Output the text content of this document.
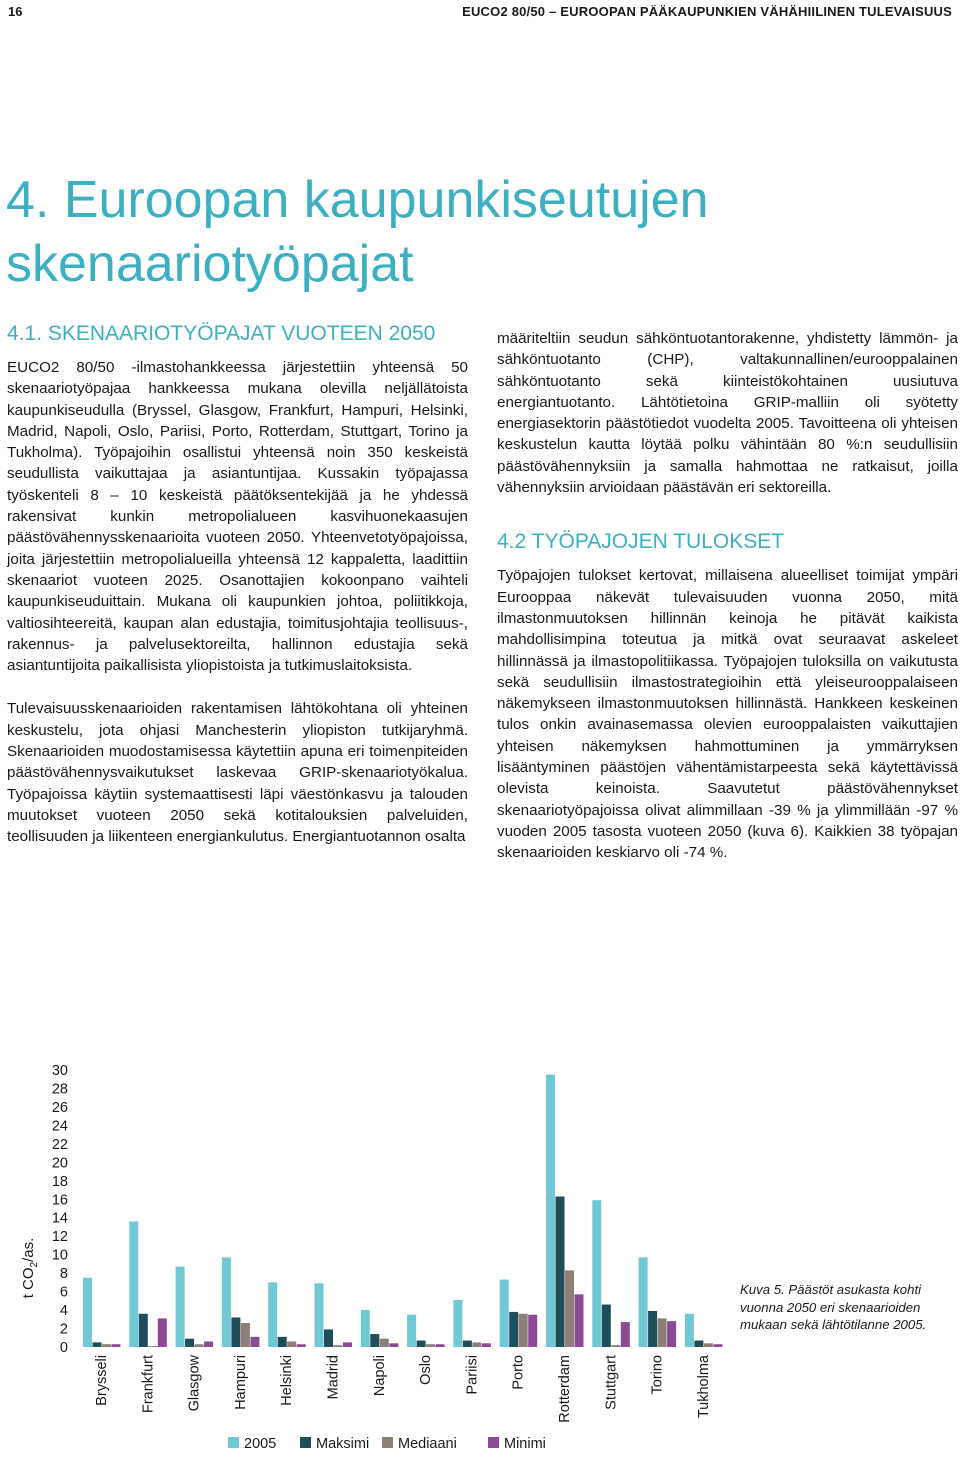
16	EUCO2 80/50 – EUROOPAN PÄÄKAUPUNKIEN VÄHÄHIILINEN TULEVAISUUS
4. Euroopan kaupunkiseutujen
skenaariotyöpajat
4.1. SKENAARIOTYÖPAJAT VUOTEEN 2050

EUCO2 80/50 -ilmastohankkeessa järjestettiin yhteensä 50 skenaariotyöpajaa hankkeessa mukana olevilla neljällätoista kaupunkiseudulla (Bryssel, Glasgow, Frankfurt, Hampuri, Helsinki, Madrid, Napoli, Oslo, Pariisi, Porto, Rotterdam, Stuttgart, Torino ja Tukholma). Työpajoihin osallistui yhteensä noin 350 keskeistä seudullista vaikuttajaa ja asiantuntijaa. Kussakin työpajassa työskenteli 8 – 10 keskeistä päätöksentekijää ja he yhdessä rakensivat kunkin metropolialueen kasvihuonekaasujen päästövähennysskenaarioita vuoteen 2050. Yhteenvetotyöpajoissa, joita järjestettiin metropolialueilla yhteensä 12 kappaletta, laadittiin skenaariot vuoteen 2025. Osanottajien kokoonpano vaihteli kaupunkiseuduittain. Mukana oli kaupunkien johtoa, poliitikkoja, valtiosihteereitä, kaupan alan edustajia, toimitusjohtajia teollisuus-, rakennus- ja palvelusektoreilta, hallinnon edustajia sekä asiantuntijoita paikallisista yliopistoista ja tutkimuslaitoksista.

Tulevaisuusskenaarioiden rakentamisen lähtökohtana oli yhteinen keskustelu, jota ohjasi Manchesterin yliopiston tutkijaryhmä. Skenaarioiden muodostamisessa käytettiin apuna eri toimenpiteiden päästövähennysvaikutukset laskevaa GRIP-skenaariotyökalua. Työpajoissa käytiin systemaattisesti läpi väestönkasvu ja talouden muutokset vuoteen 2050 sekä kotitalouksien palveluiden, teollisuuden ja liikenteen energiankulutus. Energiantuotannon osalta

määriteltiin seudun sähköntuotantorakenne, yhdistetty lämmön- ja sähköntuotanto (CHP), valtakunnallinen/eurooppalainen sähköntuotanto sekä kiinteistökohtainen uusiutuva energiantuotanto. Lähtötietoina GRIP-malliin oli syötetty energiasektorin päästötiedot vuodelta 2005. Tavoitteena oli yhteisen keskustelun kautta löytää polku vähintään 80 %:n seudullisiin päästövähennyksiin ja samalla hahmottaa ne ratkaisut, joilla vähennyksiin arvioidaan päästävän eri sektoreilla.

4.2 TYÖPAJOJEN TULOKSET

Työpajojen tulokset kertovat, millaisena alueelliset toimijat ympäri Eurooppaa näkevät tulevaisuuden vuonna 2050, mitä ilmastonmuutoksen hillinnän keinoja he pitävät kaikista mahdollisimpina toteutua ja mitkä ovat seuraavat askeleet hillinnässä ja ilmastopolitiikassa. Työpajojen tuloksilla on vaikutusta sekä seudullisiin ilmastostrategioihin että yleiseurooppalaiseen näkemykseen ilmastonmuutoksen hillinnästä. Hankkeen keskeinen tulos onkin avainasemassa olevien eurooppalaisten vaikuttajien yhteisen näkemyksen hahmottuminen ja ymmärryksen lisääntyminen päästöjen vähentämistarpeesta sekä käytettävissä olevista keinoista. Saavutetut päästövähennykset skenaariotyöpajoissa olivat alimmillaan -39 % ja ylimmillään -97 % vuoden 2005 tasosta vuoteen 2050 (kuva 6). Kaikkien 38 työpajan skenaarioiden keskiarvo oli -74 %.

0
2
4
6
8
10
12
14
16
18
20
22
24
26
28
30
Brysseli Frankfurt Glasgow Hampuri Helsinki Madrid Napoli Oslo Pariisi Porto Rotterdam Stuttgart Torino Tukholma
2005	Maksimi Mediaani	Minimi
t $CO_2/as$.
Kuva 5. Päästöt asukasta kohti vuonna 2050 eri skenaarioiden mukaan sekä lähtötilanne 2005.
